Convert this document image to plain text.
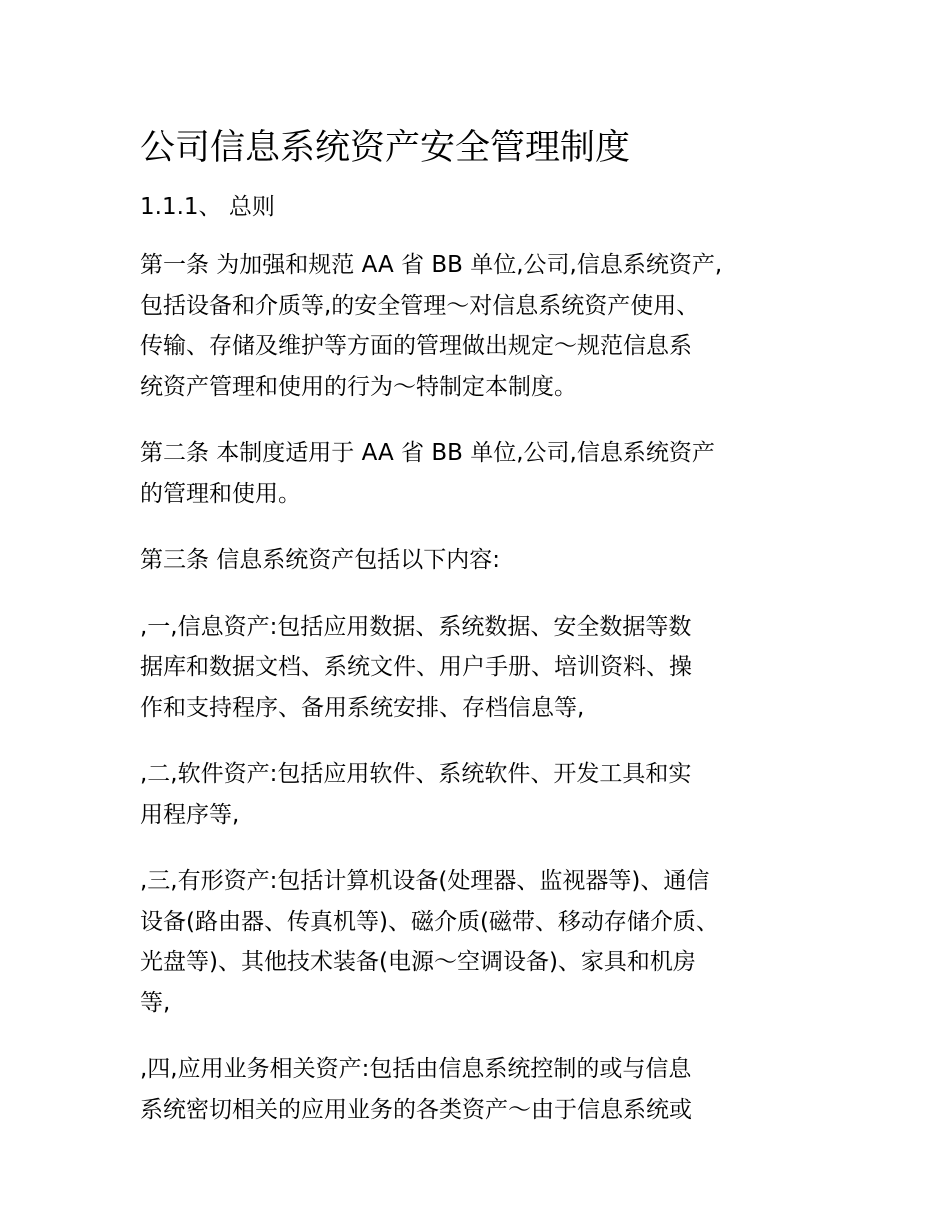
公司信息系统资产安全管理制度
1.1.1、 总则
第一条 为加强和规范 AA 省 BB 单位,公司,信息系统资产,
包括设备和介质等,的安全管理～对信息系统资产使用、
传输、存储及维护等方面的管理做出规定～规范信息系
统资产管理和使用的行为～特制定本制度。
第二条 本制度适用于 AA 省 BB 单位,公司,信息系统资产
的管理和使用。
第三条 信息系统资产包括以下内容:
,一,信息资产:包括应用数据、系统数据、安全数据等数
据库和数据文档、系统文件、用户手册、培训资料、操
作和支持程序、备用系统安排、存档信息等,
,二,软件资产:包括应用软件、系统软件、开发工具和实
用程序等,
,三,有形资产:包括计算机设备(处理器、监视器等)、通信
设备(路由器、传真机等)、磁介质(磁带、移动存储介质、
光盘等)、其他技术装备(电源～空调设备)、家具和机房
等,
,四,应用业务相关资产:包括由信息系统控制的或与信息
系统密切相关的应用业务的各类资产～由于信息系统或
